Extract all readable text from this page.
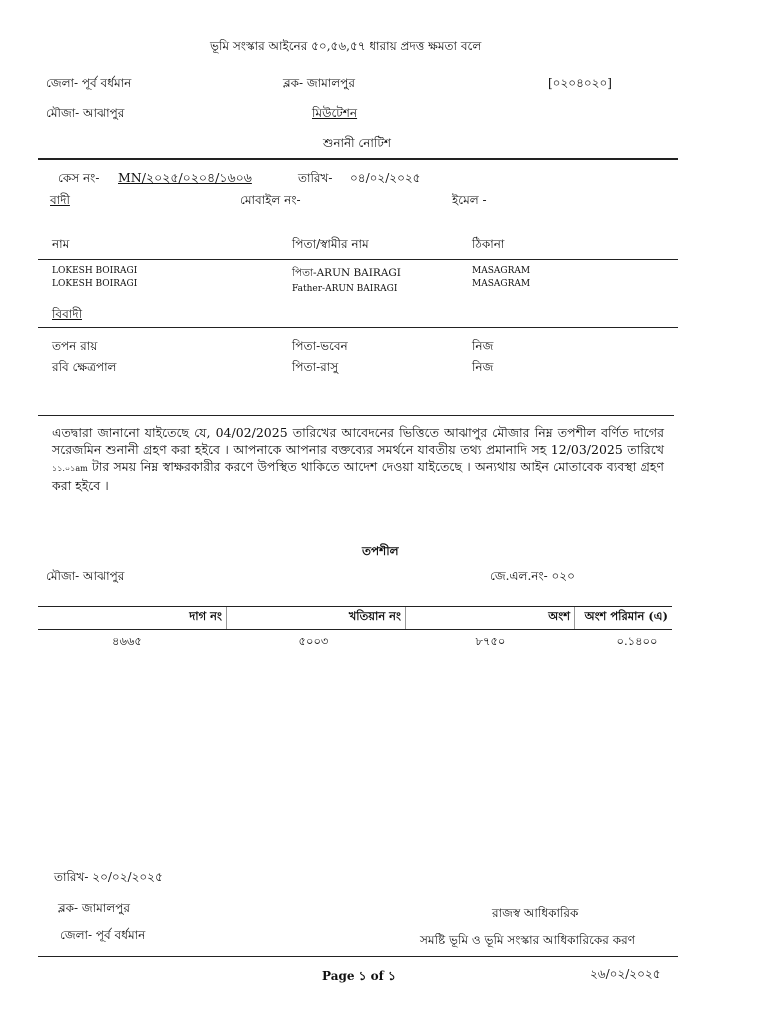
ভূমি সংস্কার আইনের ৫০,৫৬,৫৭ ধারায় প্রদত্ত ক্ষমতা বলে
জেলা- পূর্ব বর্ধমান	ব্লক- জামালপুর	[০২০৪০২০]
মৌজা- আঝাপুর	মিউটেশন
শুনানী নোটিশ
কেস নং- MN/২০২৫/০২০৪/১৬০৬	তারিখ- ০৪/০২/২০২৫
বাদী	মোবাইল নং-	ইমেল -
নাম	পিতা/স্বামীর নাম	ঠিকানা
LOKESH BOIRAGI	পিতা-ARUN BAIRAGI	MASAGRAM
LOKESH BOIRAGI	Father-ARUN BAIRAGI	MASAGRAM
বিবাদী
তপন রায়	পিতা-ভবেন	নিজ
রবি ক্ষেত্রপাল	পিতা-রাসু	নিজ
এতদ্বারা জানানো যাইতেছে যে, 04/02/2025 তারিখের আবেদনের ভিত্তিতে আঝাপুর মৌজার নিম্ন তপশীল বর্ণিত দাগের সরেজমিন শুনানী গ্রহণ করা হইবে । আপনাকে আপনার বক্তব্যের সমর্থনে যাবতীয় তথ্য প্রমানাদি সহ 12/03/2025 তারিখে ১১.০১am টার সময় নিম্ন স্বাক্ষরকারীর করণে উপস্থিত থাকিতে আদেশ দেওয়া যাইতেছে । অন্যথায় আইন মোতাবেক ব্যবস্থা গ্রহণ করা হইবে ।
তপশীল
মৌজা- আঝাপুর	জে.এল.নং- ০২০
দাগ নং	খতিয়ান নং	অংশ	অংশ পরিমান (এ)
৪৬৬৫	৫০০৩	৮৭৫০	০.১৪০০
তারিখ- ২০/০২/২০২৫
ব্লক- জামালপুর	রাজস্ব আধিকারিক
জেলা- পূর্ব বর্ধমান	সমষ্টি ভূমি ও ভূমি সংস্কার আধিকারিকের করণ
Page ১ of ১	২৬/০২/২০২৫
